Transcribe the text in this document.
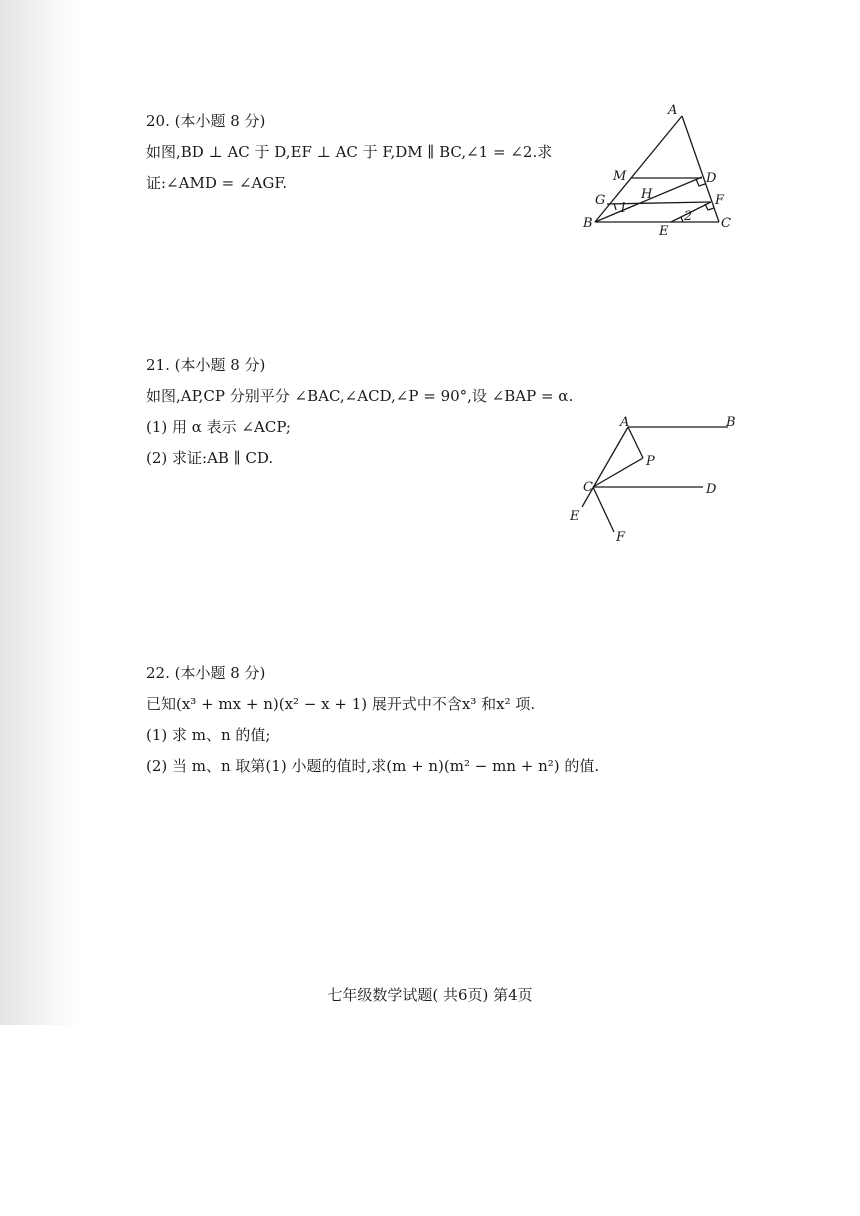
20. (本小题 8 分)

如图,BD ⊥ AC 于 D,EF ⊥ AC 于 F,DM ∥ BC,∠1 = ∠2.求

证:∠AMD = ∠AGF.

A
M	D
G	H	F
B
E
C
1
2

21. (本小题 8 分)

如图,AP,CP 分别平分 ∠BAC,∠ACD,∠P = 90°,设 ∠BAP = α.

(1) 用 α 表示 ∠ACP;

(2) 求证:AB ∥ CD.

A	B
P
C	D
E
F

22. (本小题 8 分)

已知(x³ + mx + n)(x² − x + 1) 展开式中不含x³ 和x² 项.

(1) 求 m、n 的值;

(2) 当 m、n 取第(1) 小题的值时,求(m + n)(m² − mn + n²) 的值.

七年级数学试题( 共6页) 第4页
